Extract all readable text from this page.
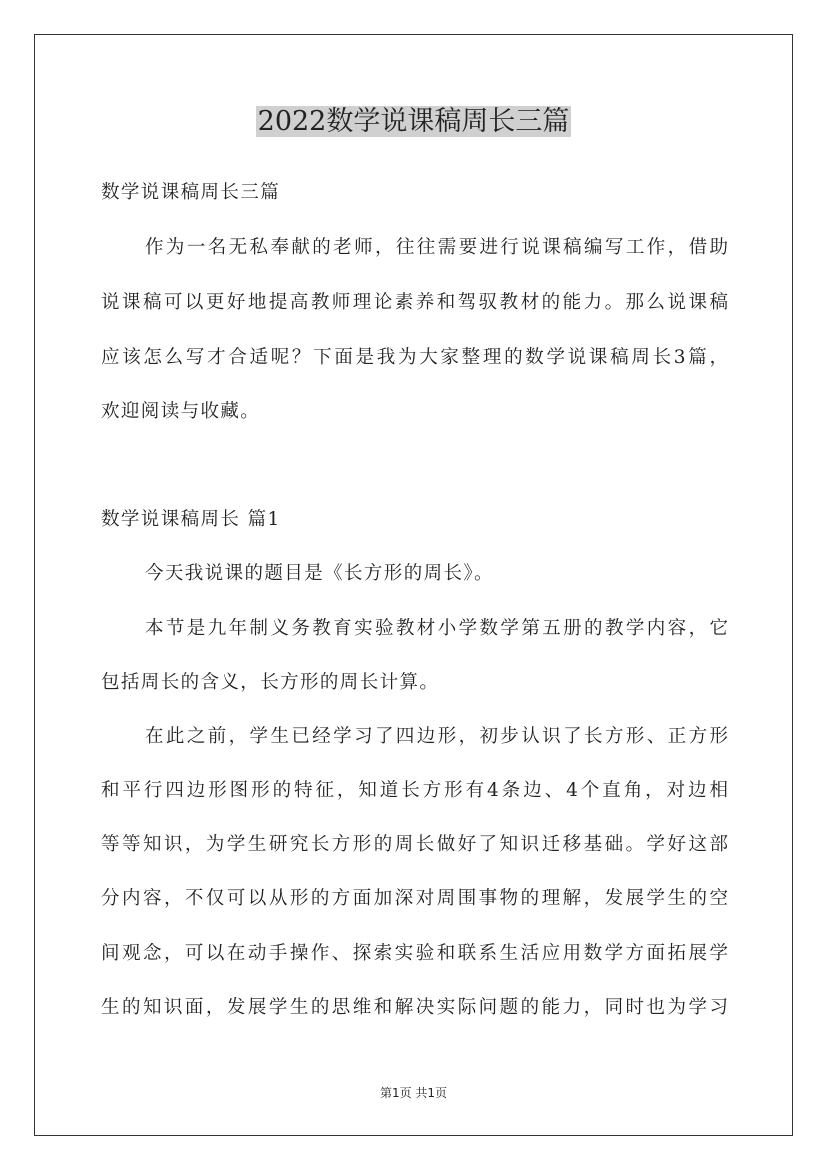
2022数学说课稿周长三篇
数学说课稿周长三篇
作为一名无私奉献的老师，往往需要进行说课稿编写工作，借助
说课稿可以更好地提高教师理论素养和驾驭教材的能力。那么说课稿
应该怎么写才合适呢？下面是我为大家整理的数学说课稿周长3篇，
欢迎阅读与收藏。
数学说课稿周长 篇1
今天我说课的题目是《长方形的周长》。
本节是九年制义务教育实验教材小学数学第五册的教学内容，它
包括周长的含义，长方形的周长计算。
在此之前，学生已经学习了四边形，初步认识了长方形、正方形
和平行四边形图形的特征，知道长方形有4条边、4个直角，对边相
等等知识，为学生研究长方形的周长做好了知识迁移基础。学好这部
分内容，不仅可以从形的方面加深对周围事物的理解，发展学生的空
间观念，可以在动手操作、探索实验和联系生活应用数学方面拓展学
生的知识面，发展学生的思维和解决实际问题的能力，同时也为学习
第1页 共1页
